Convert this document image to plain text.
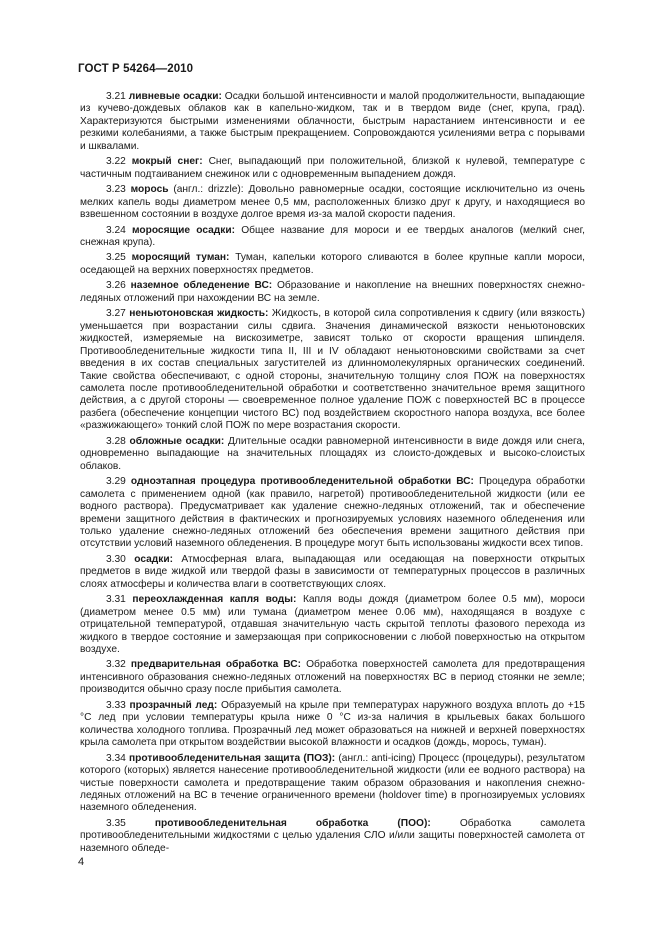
ГОСТ Р 54264—2010

3.21 ливневые осадки: Осадки большой интенсивности и малой продолжительности, выпадающие из кучево-дождевых облаков как в капельно-жидком, так и в твердом виде (снег, крупа, град). Характеризуются быстрыми изменениями облачности, быстрым нарастанием интенсивности и ее резкими колебаниями, а также быстрым прекращением. Сопровождаются усилениями ветра с порывами и шквалами.

3.22 мокрый снег: Снег, выпадающий при положительной, близкой к нулевой, температуре с частичным подтаиванием снежинок или с одновременным выпадением дождя.

3.23 морось (англ.: drizzle): Довольно равномерные осадки, состоящие исключительно из очень мелких капель воды диаметром менее 0,5 мм, расположенных близко друг к другу, и находящиеся во взвешенном состоянии в воздухе долгое время из-за малой скорости падения.

3.24 моросящие осадки: Общее название для мороси и ее твердых аналогов (мелкий снег, снежная крупа).

3.25 моросящий туман: Туман, капельки которого сливаются в более крупные капли мороси, оседающей на верхних поверхностях предметов.

3.26 наземное обледенение ВС: Образование и накопление на внешних поверхностях снежно-ледяных отложений при нахождении ВС на земле.

3.27 неньютоновская жидкость: Жидкость, в которой сила сопротивления к сдвигу (или вязкость) уменьшается при возрастании силы сдвига. Значения динамической вязкости неньютоновских жидкостей, измеряемые на вискозиметре, зависят только от скорости вращения шпинделя. Противообледенительные жидкости типа II, III и IV обладают неньютоновскими свойствами за счет введения в их состав специальных загустителей из длинномолекулярных органических соединений. Такие свойства обеспечивают, с одной стороны, значительную толщину слоя ПОЖ на поверхностях самолета после противообледенительной обработки и соответственно значительное время защитного действия, а с другой стороны — своевременное полное удаление ПОЖ с поверхностей ВС в процессе разбега (обеспечение концепции чистого ВС) под воздействием скоростного напора воздуха, все более «разжижающего» тонкий слой ПОЖ по мере возрастания скорости.

3.28 обложные осадки: Длительные осадки равномерной интенсивности в виде дождя или снега, одновременно выпадающие на значительных площадях из слоисто-дождевых и высоко-слоистых облаков.

3.29 одноэтапная процедура противообледенительной обработки ВС: Процедура обработки самолета с применением одной (как правило, нагретой) противообледенительной жидкости (или ее водного раствора). Предусматривает как удаление снежно-ледяных отложений, так и обеспечение времени защитного действия в фактических и прогнозируемых условиях наземного обледенения или только удаление снежно-ледяных отложений без обеспечения времени защитного действия при отсутствии условий наземного обледенения. В процедуре могут быть использованы жидкости всех типов.

3.30 осадки: Атмосферная влага, выпадающая или оседающая на поверхности открытых предметов в виде жидкой или твердой фазы в зависимости от температурных процессов в различных слоях атмосферы и количества влаги в соответствующих слоях.

3.31 переохлажденная капля воды: Капля воды дождя (диаметром более 0.5 мм), мороси (диаметром менее 0.5 мм) или тумана (диаметром менее 0.06 мм), находящаяся в воздухе с отрицательной температурой, отдавшая значительную часть скрытой теплоты фазового перехода из жидкого в твердое состояние и замерзающая при соприкосновении с любой поверхностью на открытом воздухе.

3.32 предварительная обработка ВС: Обработка поверхностей самолета для предотвращения интенсивного образования снежно-ледяных отложений на поверхностях ВС в период стоянки не земле; производится обычно сразу после прибытия самолета.

3.33 прозрачный лед: Образуемый на крыле при температурах наружного воздуха вплоть до +15 °С лед при условии температуры крыла ниже 0 °С из-за наличия в крыльевых баках большого количества холодного топлива. Прозрачный лед может образоваться на нижней и верхней поверхностях крыла самолета при открытом воздействии высокой влажности и осадков (дождь, морось, туман).

3.34 противообледенительная защита (ПОЗ): (англ.: anti-icing) Процесс (процедуры), результатом которого (которых) является нанесение противообледенительной жидкости (или ее водного раствора) на чистые поверхности самолета и предотвращение таким образом образования и накопления снежно-ледяных отложений на ВС в течение ограниченного времени (holdover time) в прогнозируемых условиях наземного обледенения.

3.35	противообледенительная обработка (ПОО):	Обработка самолета противообледенительными жидкостями с целью удаления СЛО и/или защиты поверхностей самолета от наземного обледе-

4
